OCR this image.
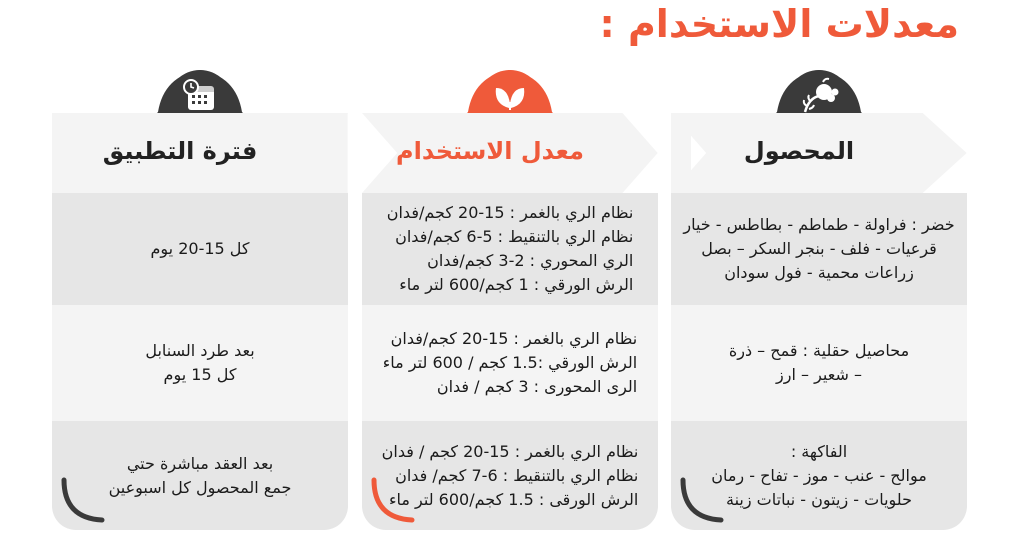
معدلات الاستخدام :
المحصول
خضر : فراولة - طماطم - بطاطس - خيار
قرعيات - فلف - بنجر السكر – بصل
زراعات محمية - فول سودان
محاصيل حقلية : قمح – ذرة
– شعير – ارز
الفاكهة :
موالح - عنب - موز - تفاح - رمان
حلويات - زيتون - نباتات زينة
معدل الاستخدام
نظام الري بالغمر : 15-20 كجم/فدان
نظام الري بالتنقيط : 5-6 كجم/فدان
الري المحوري : 2-3 كجم/فدان
الرش الورقي : 1 كجم/600 لتر ماء
نظام الري بالغمر : 15-20 كجم/فدان
الرش الورقي :1.5 كجم / 600 لتر ماء
الرى المحورى : 3 كجم / فدان
نظام الري بالغمر : 15-20 كجم / فدان
نظام الري بالتنقيط : 6-7 كجم/ فدان
الرش الورقى : 1.5 كجم/600 لتر ماء
فترة التطبيق
كل 15-20 يوم
بعد طرد السنابل
كل 15 يوم
بعد العقد مباشرة حتي
جمع المحصول كل اسبوعين
